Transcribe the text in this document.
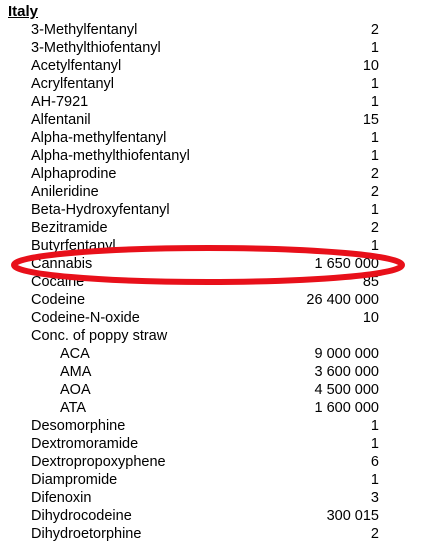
Italy
3-Methylfentanyl	2
3-Methylthiofentanyl	1
Acetylfentanyl	10
Acrylfentanyl	1
AH-7921	1
Alfentanil	15
Alpha-methylfentanyl	1
Alpha-methylthiofentanyl	1
Alphaprodine	2
Anileridine	2
Beta-Hydroxyfentanyl	1
Bezitramide	2
Butyrfentanyl	1
Cannabis	1 650 000
Cocaine	85
Codeine	26 400 000
Codeine-N-oxide	10
Conc. of poppy straw
ACA	9 000 000
AMA	3 600 000
AOA	4 500 000
ATA	1 600 000
Desomorphine	1
Dextromoramide	1
Dextropropoxyphene	6
Diampromide	1
Difenoxin	3
Dihydrocodeine	300 015
Dihydroetorphine	2
